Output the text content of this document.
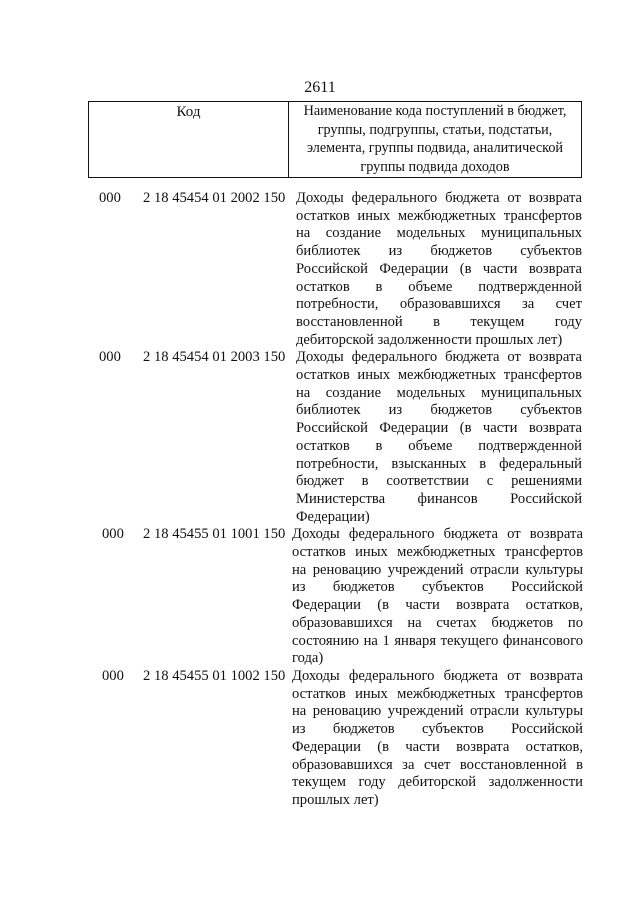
2611
Код	Наименование кода поступлений в бюджет, группы, подгруппы, статьи, подстатьи, элемента, группы подвида, аналитической группы подвида доходов
000 2 18 45454 01 2002 150 Доходы федерального бюджета от возврата остатков иных межбюджетных трансфертов на создание модельных муниципальных библиотек из бюджетов субъектов Российской Федерации (в части возврата остатков в объеме подтвержденной потребности, образовавшихся за счет восстановленной в текущем году дебиторской задолженности прошлых лет)
000 2 18 45454 01 2003 150 Доходы федерального бюджета от возврата остатков иных межбюджетных трансфертов на создание модельных муниципальных библиотек из бюджетов субъектов Российской Федерации (в части возврата остатков в объеме подтвержденной потребности, взысканных в федеральный бюджет в соответствии с решениями Министерства финансов Российской Федерации)
000 2 18 45455 01 1001 150 Доходы федерального бюджета от возврата остатков иных межбюджетных трансфертов на реновацию учреждений отрасли культуры из бюджетов субъектов Российской Федерации (в части возврата остатков, образовавшихся на счетах бюджетов по состоянию на 1 января текущего финансового года)
000 2 18 45455 01 1002 150 Доходы федерального бюджета от возврата остатков иных межбюджетных трансфертов на реновацию учреждений отрасли культуры из бюджетов субъектов Российской Федерации (в части возврата остатков, образовавшихся за счет восстановленной в текущем году дебиторской задолженности прошлых лет)
